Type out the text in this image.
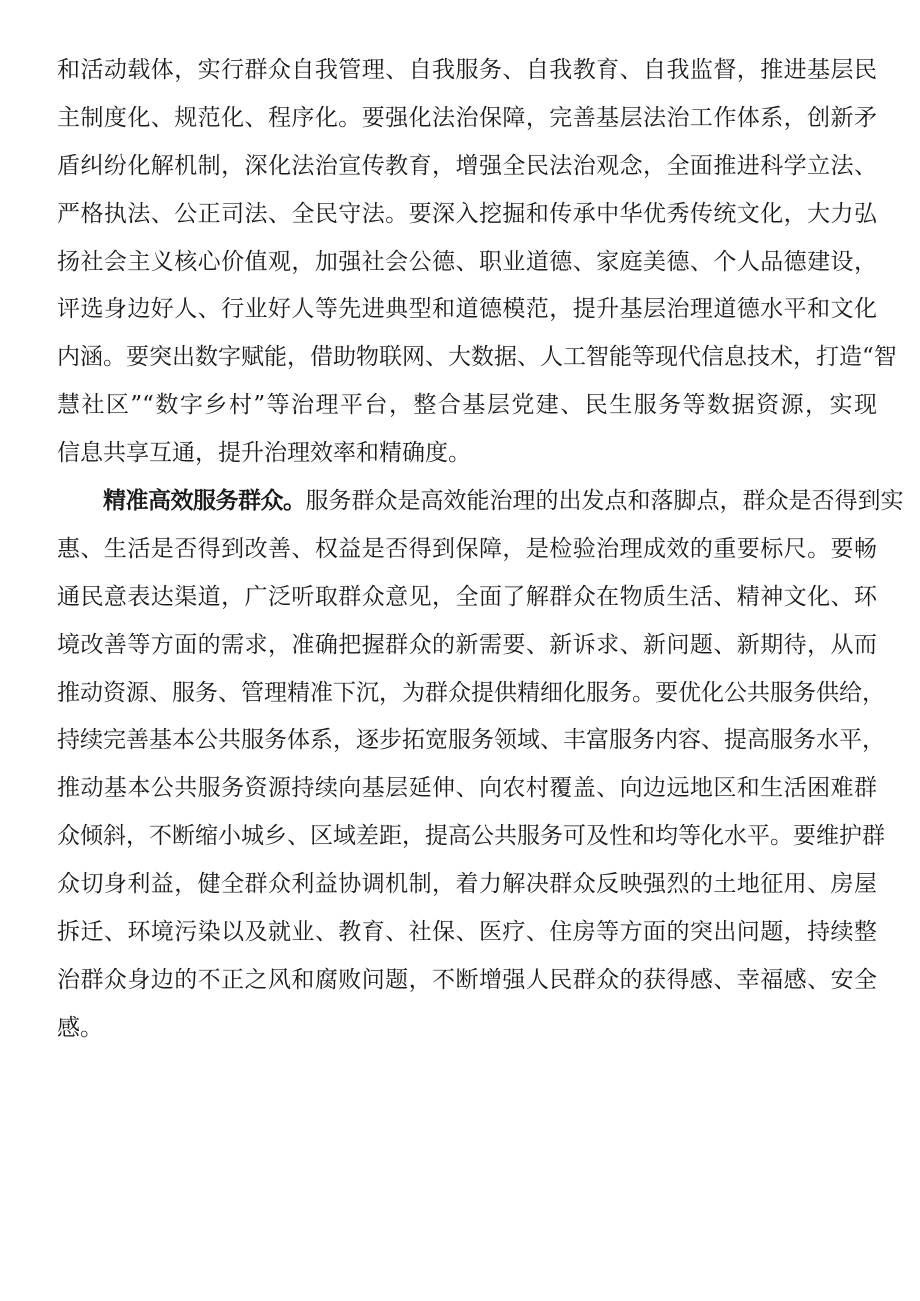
和活动载体，实行群众自我管理、自我服务、自我教育、自我监督，推进基层民
主制度化、规范化、程序化。要强化法治保障，完善基层法治工作体系，创新矛
盾纠纷化解机制，深化法治宣传教育，增强全民法治观念，全面推进科学立法、
严格执法、公正司法、全民守法。要深入挖掘和传承中华优秀传统文化，大力弘
扬社会主义核心价值观，加强社会公德、职业道德、家庭美德、个人品德建设，
评选身边好人、行业好人等先进典型和道德模范，提升基层治理道德水平和文化
内涵。要突出数字赋能，借助物联网、大数据、人工智能等现代信息技术，打造“智
慧社区”“数字乡村”等治理平台，整合基层党建、民生服务等数据资源，实现
信息共享互通，提升治理效率和精确度。
精准高效服务群众。服务群众是高效能治理的出发点和落脚点，群众是否得到实
惠、生活是否得到改善、权益是否得到保障，是检验治理成效的重要标尺。要畅
通民意表达渠道，广泛听取群众意见，全面了解群众在物质生活、精神文化、环
境改善等方面的需求，准确把握群众的新需要、新诉求、新问题、新期待，从而
推动资源、服务、管理精准下沉，为群众提供精细化服务。要优化公共服务供给，
持续完善基本公共服务体系，逐步拓宽服务领域、丰富服务内容、提高服务水平，
推动基本公共服务资源持续向基层延伸、向农村覆盖、向边远地区和生活困难群
众倾斜，不断缩小城乡、区域差距，提高公共服务可及性和均等化水平。要维护群
众切身利益，健全群众利益协调机制，着力解决群众反映强烈的土地征用、房屋
拆迁、环境污染以及就业、教育、社保、医疗、住房等方面的突出问题，持续整
治群众身边的不正之风和腐败问题，不断增强人民群众的获得感、幸福感、安全
感。
